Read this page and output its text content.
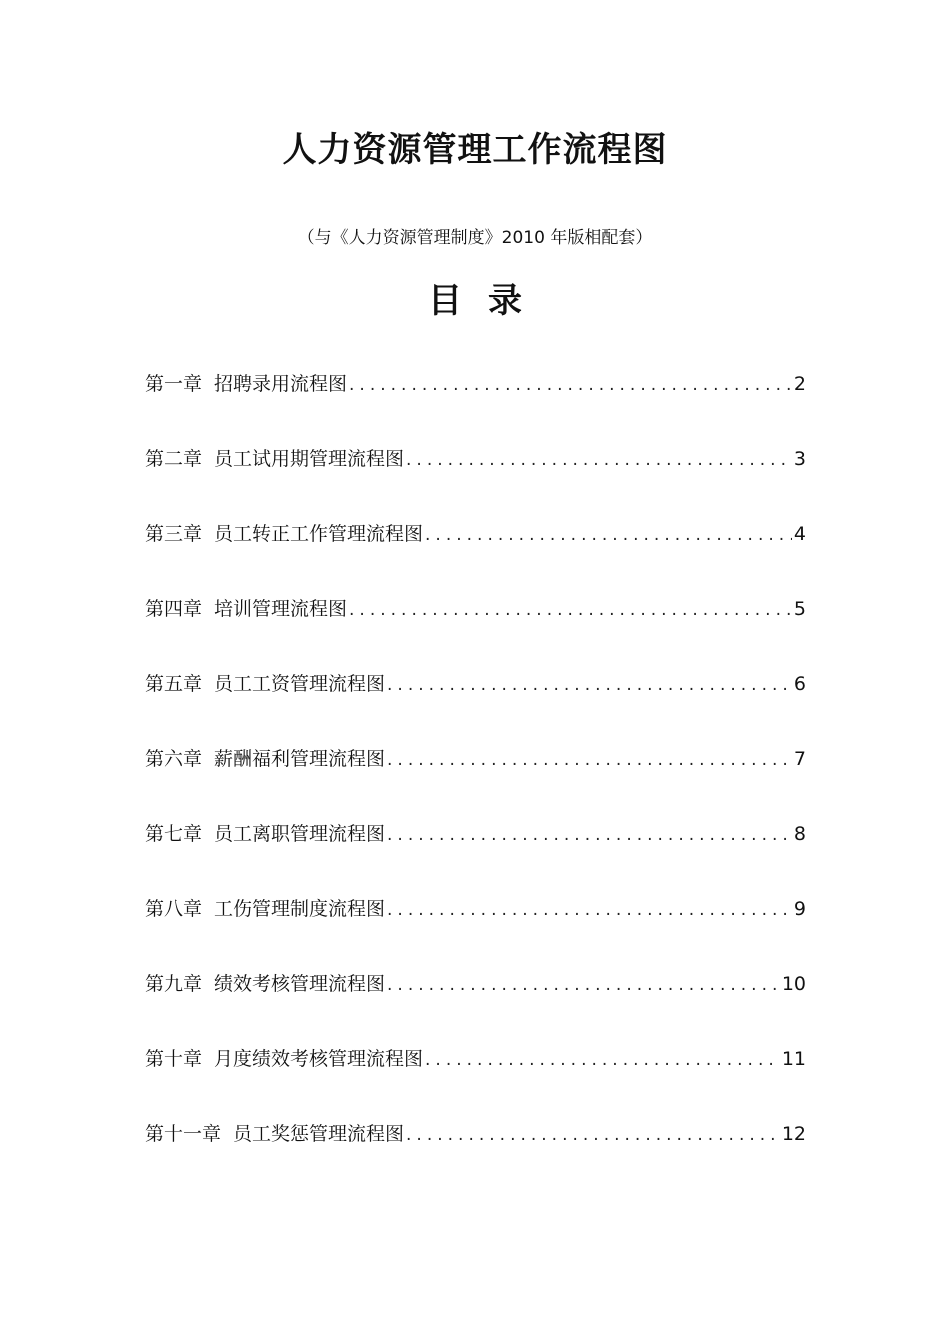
人力资源管理工作流程图

（与《人力资源管理制度》2010 年版相配套）

目 录
第一章 招聘录用流程图 .....	2
第二章 员工试用期管理流程图 .....	3
第三章 员工转正工作管理流程图 .....	4
第四章 培训管理流程图 .....	5
第五章 员工工资管理流程图 .....	6
第六章 薪酬福利管理流程图 .....	7
第七章 员工离职管理流程图 .....	8
第八章 工伤管理制度流程图 .....	9
第九章 绩效考核管理流程图 .....	10
第十章 月度绩效考核管理流程图 .....	11
第十一章 员工奖惩管理流程图 .....	12
